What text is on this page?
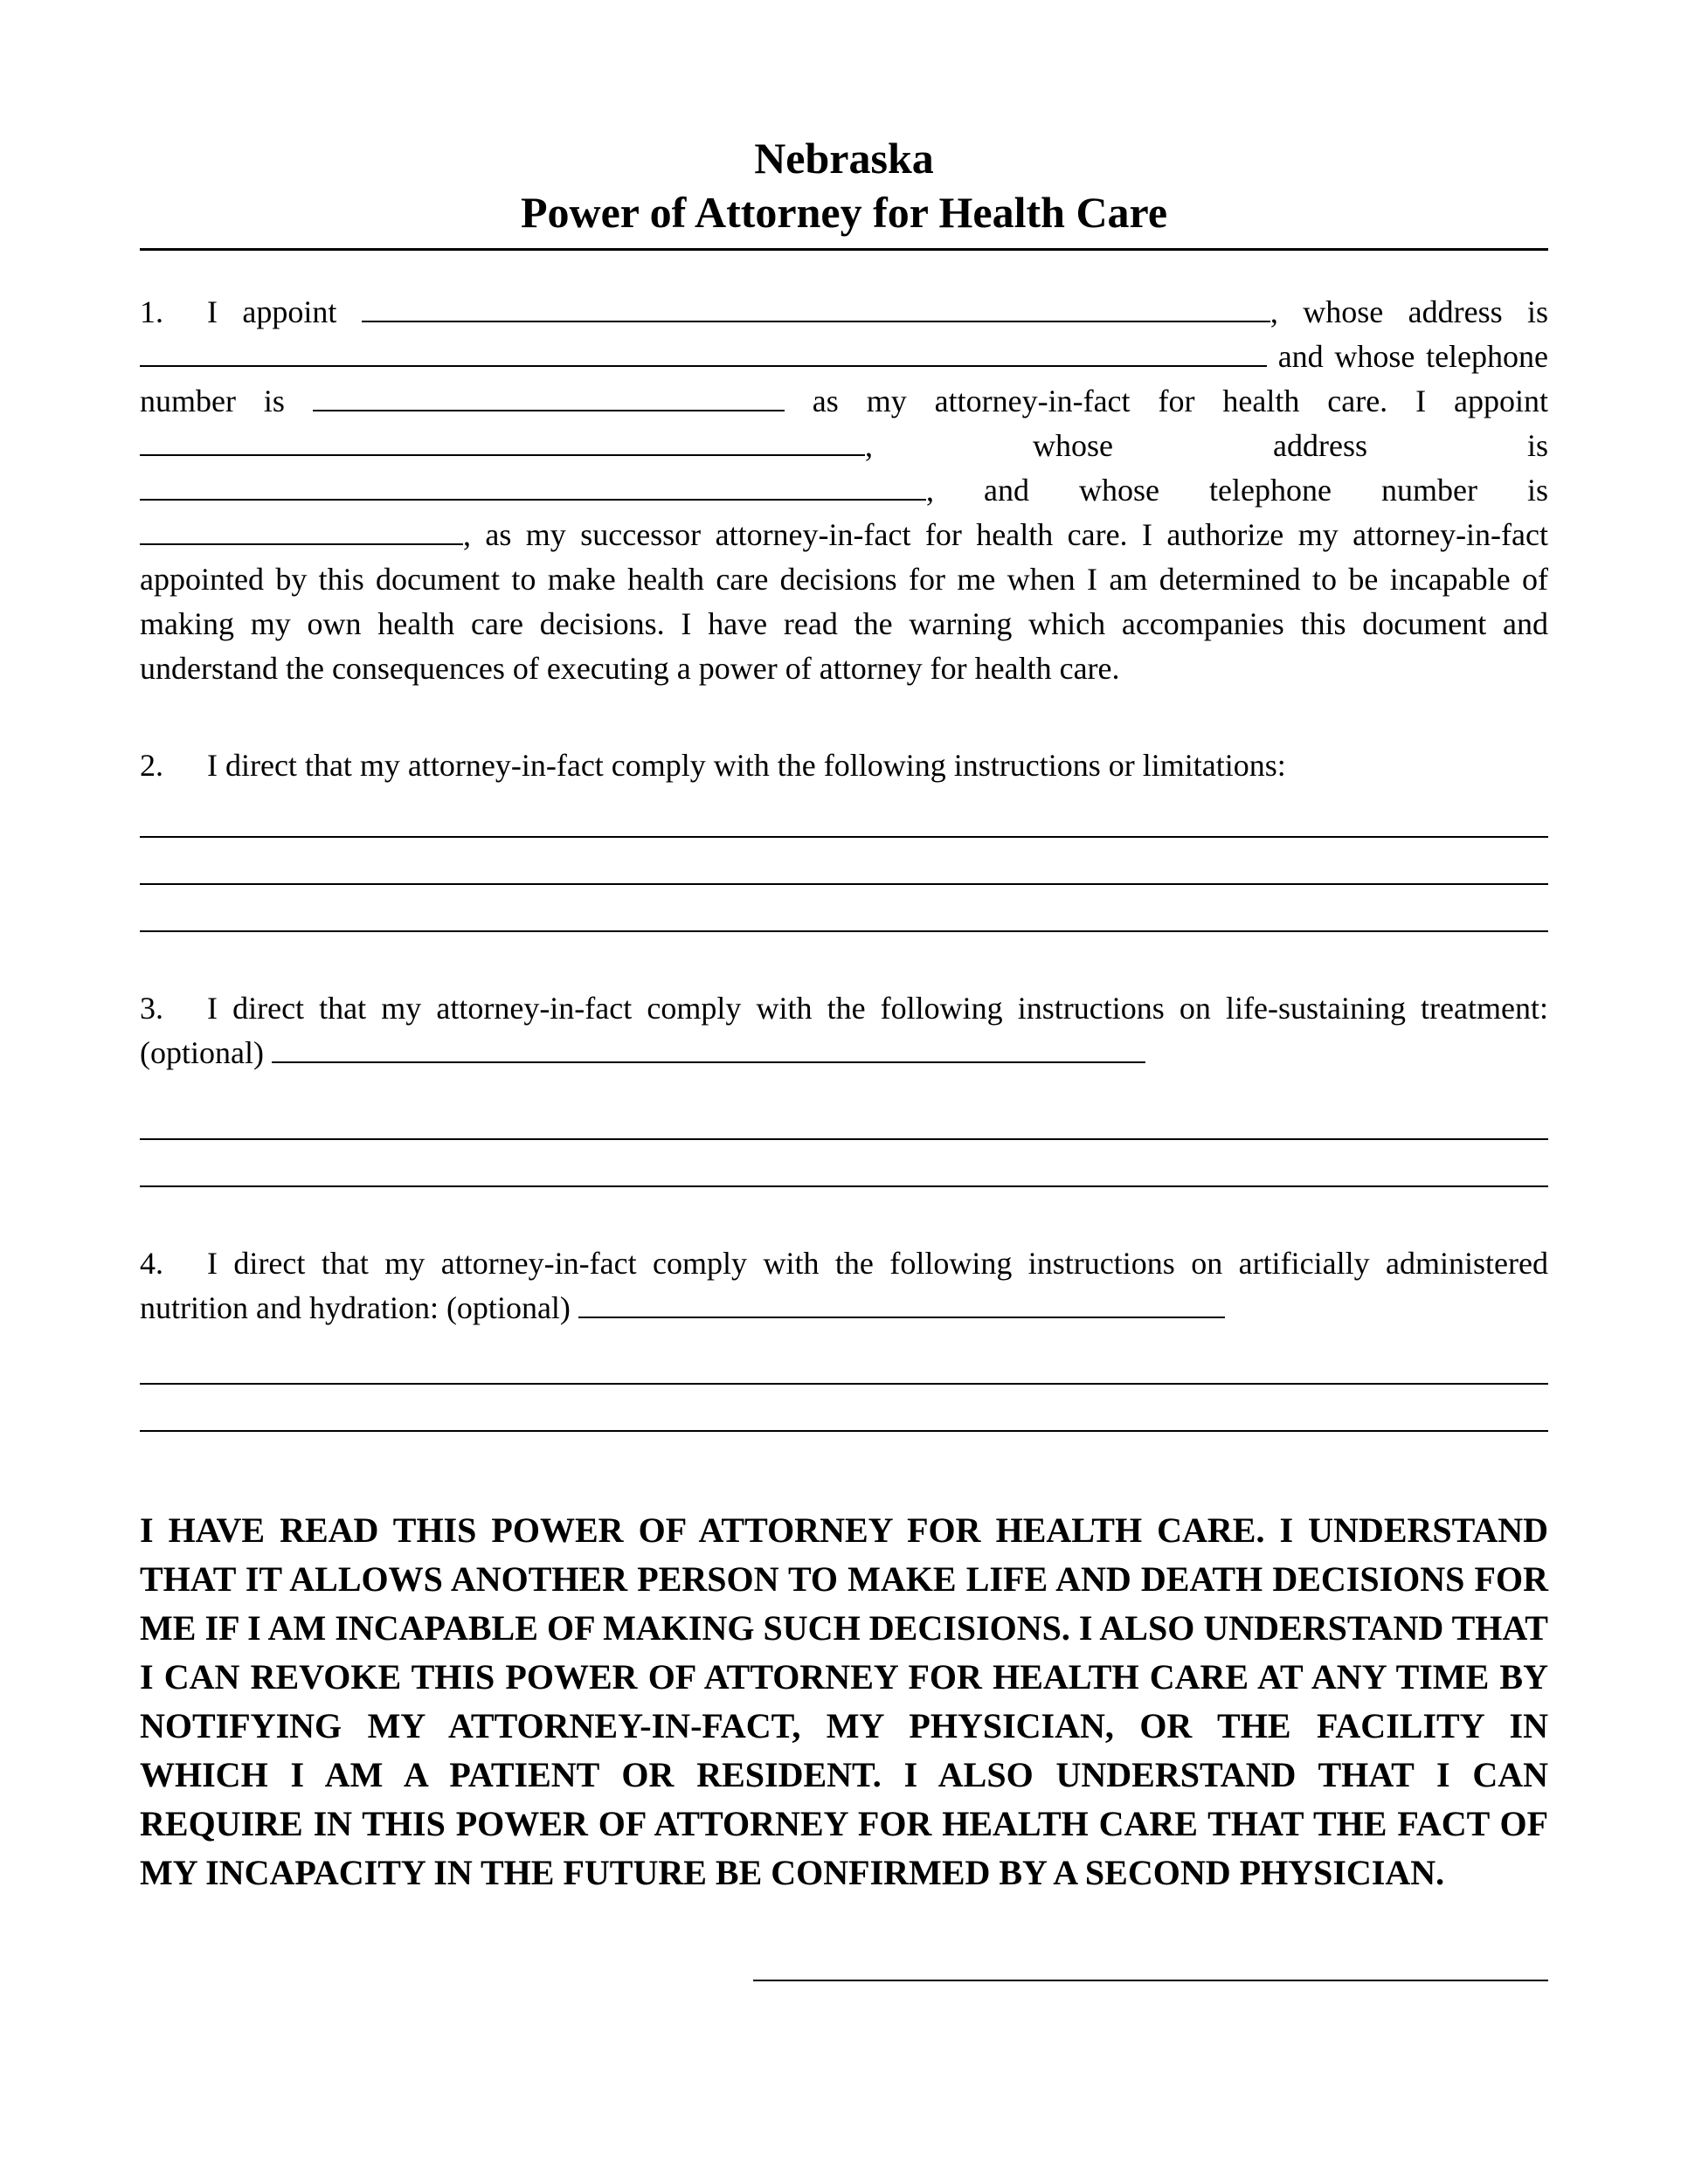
Nebraska
Power of Attorney for Health Care

1. I appoint	, whose address is  and whose telephone number is	as my attorney-in-fact for health care. I appoint , whose address is , and whose telephone number is , as my successor attorney-in-fact for health care. I authorize my attorney-in-fact appointed by this document to make health care decisions for me when I am determined to be incapable of making my own health care decisions. I have read the warning which accompanies this document and understand the consequences of executing a power of attorney for health care.

2. I direct that my attorney-in-fact comply with the following instructions or limitations:

3. I direct that my attorney-in-fact comply with the following instructions on life-sustaining treatment: (optional)

4. I direct that my attorney-in-fact comply with the following instructions on artificially administered nutrition and hydration: (optional)

I HAVE READ THIS POWER OF ATTORNEY FOR HEALTH CARE. I UNDERSTAND THAT IT ALLOWS ANOTHER PERSON TO MAKE LIFE AND DEATH DECISIONS FOR ME IF I AM INCAPABLE OF MAKING SUCH DECISIONS. I ALSO UNDERSTAND THAT I CAN REVOKE THIS POWER OF ATTORNEY FOR HEALTH CARE AT ANY TIME BY NOTIFYING MY ATTORNEY-IN-FACT, MY PHYSICIAN, OR THE FACILITY IN WHICH I AM A PATIENT OR RESIDENT. I ALSO UNDERSTAND THAT I CAN REQUIRE IN THIS POWER OF ATTORNEY FOR HEALTH CARE THAT THE FACT OF MY INCAPACITY IN THE FUTURE BE CONFIRMED BY A SECOND PHYSICIAN.
